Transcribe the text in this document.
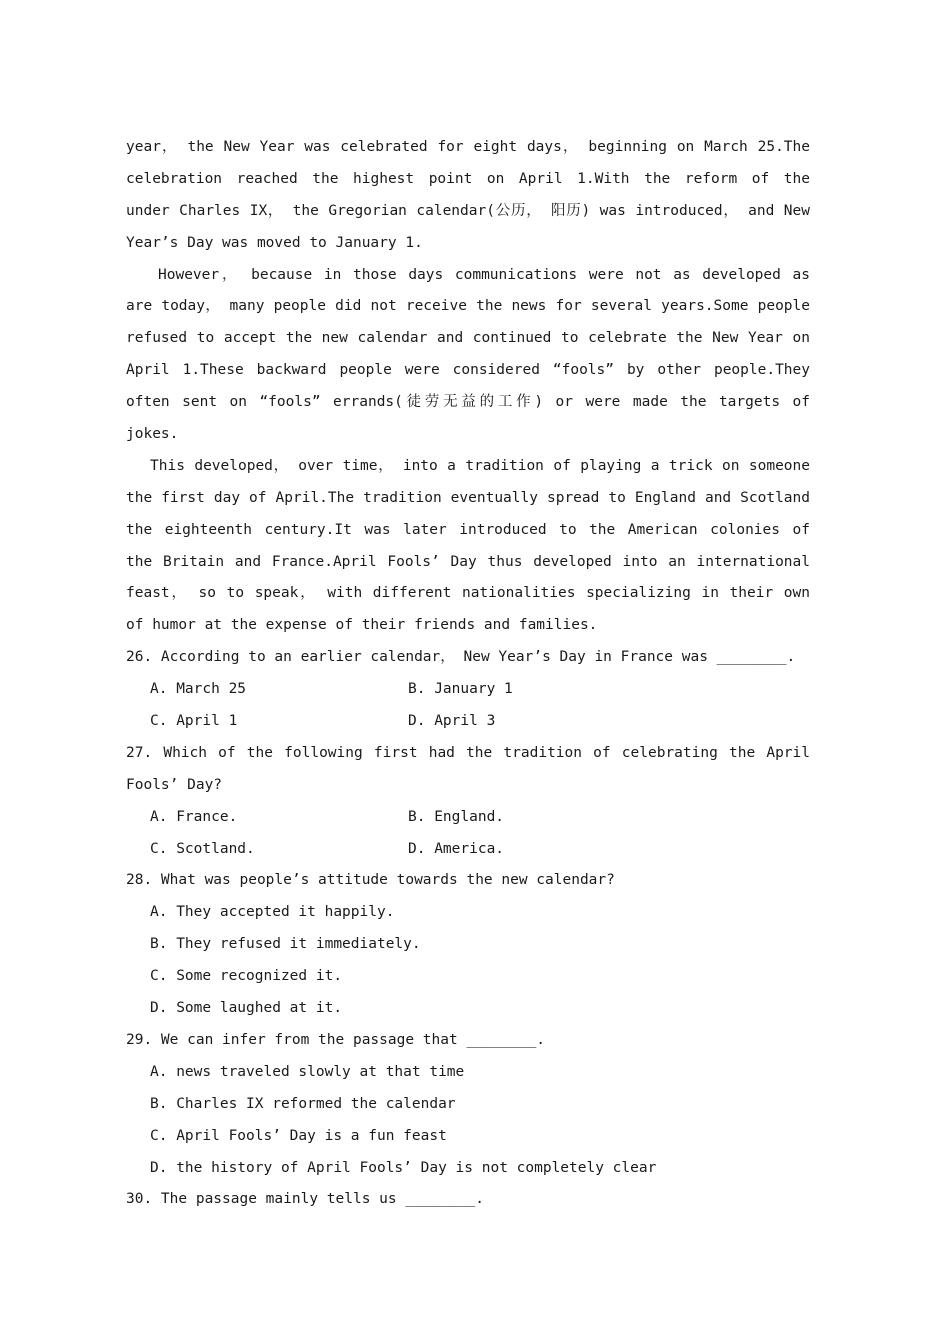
year， the New Year was celebrated for eight days， beginning on March 25.The
celebration reached the highest point on April 1.With the reform of the
under Charles IX， the Gregorian calendar(公历， 阳历) was introduced， and New
Year’s Day was moved to January 1.
However， because in those days communications were not as developed as
are today， many people did not receive the news for several years.Some people
refused to accept the new calendar and continued to celebrate the New Year on
April 1.These backward people were considered “fools” by other people.They
often sent on “fools” errands(徒劳无益的工作) or were made the targets of
jokes.
This developed， over time， into a tradition of playing a trick on someone
the first day of April.The tradition eventually spread to England and Scotland
the eighteenth century.It was later introduced to the American colonies of
the Britain and France.April Fools’ Day thus developed into an international
feast， so to speak， with different nationalities specializing in their own
of humor at the expense of their friends and families.
26. According to an earlier calendar， New Year’s Day in France was ________.
A. March 25	B. January 1
C. April 1	D. April 3
27. Which of the following first had the tradition of celebrating the April
Fools’ Day?
A. France.	B. England.
C. Scotland.	D. America.
28. What was people’s attitude towards the new calendar?
A. They accepted it happily.
B. They refused it immediately.
C. Some recognized it.
D. Some laughed at it.
29. We can infer from the passage that ________.
A. news traveled slowly at that time
B. Charles IX reformed the calendar
C. April Fools’ Day is a fun feast
D. the history of April Fools’ Day is not completely clear
30. The passage mainly tells us ________.
